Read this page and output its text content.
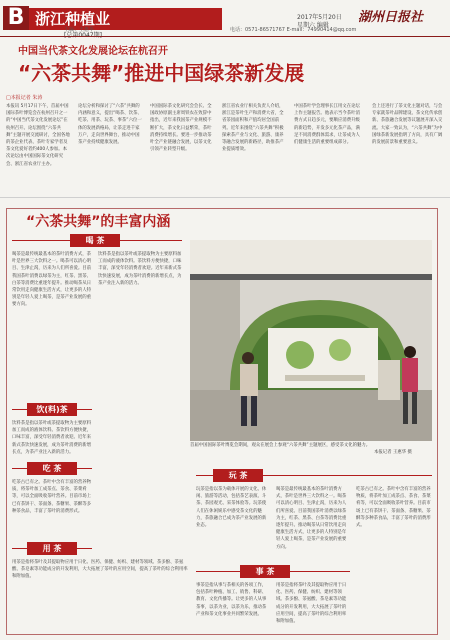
B 浙江种植业	2017年5月20日
星期六 编辑
湖州日报社
主编：王惠华	电话：0571-86571767 E-mail：74990414@qq.com
中国当代茶文化发展论坛在杭召开
“六茶共舞”推进中国绿茶新发展
□本报记者 朱涛
本报讯 5月17日下午，首届中国国际茶叶博览会在杭州召开之一的“中国当代茶文化发展论坛”在杭州召开。论坛围绕“六茶共舞”主题开展交流研讨，全国各地的茶企业代表、茶叶专家学者及茶文化爱好者约400人参加。本次论坛由中国国际茶文化研究会、浙江省农业厅主办。
论坛分析和探讨了“六茶”共舞的内涵和意义，提出“喝茶、饮茶、吃茶、用茶、玩茶、事茶”六位一体的发展新格局，让茶走进千家万户，走向世界舞台，推动中国茶产业持续健康发展。
中国国际茶文化研究会会长、全国政协原副主席周铁农在致辞中指出，近年来我国茶产业规模不断扩大，茶文化日益繁荣，茶叶消费持续增长。要进一步推动茶叶全产业链融合发展，以茶文化引领产业转型升级。
浙江省农业厅相关负责人介绍，浙江是茶叶生产和消费大省，全省茶园面积和产值均居全国前列。近年来围绕“六茶共舞”积极探索茶产业与文化、旅游、康养等融合发展的新路径，助推茶产业提质增效。
中国茶叶学会理事长江用文在论坛上作主题报告。他表示当今茶叶消费方式日趋多元，要顺应消费升级的新趋势，开发多元化茶产品，满足不同消费群体需求，让茶成为人们健康生活的重要组成部分。
会上还进行了茶文化主题对话，与会专家就茶叶品牌建设、茶文化传承创新、茶旅融合发展等议题展开深入交流。大家一致认为，“六茶共舞”为中国绿茶新发展指明了方向，具有广阔的发展前景和重要意义。
“六茶共舞”的丰富内涵
喝 茶
喝茶是最传统最基本的茶叶消费方式，茶叶是世界三大饮料之一。喝茶可以清心明目、生津止渴，历来为人们所喜爱。目前我国茶叶消费以绿茶为主，红茶、黑茶、白茶等消费比重逐年提升。推动喝茶从日常饮用走向健康生活方式，让更多的人特别是年轻人爱上喝茶，是茶产业发展的重要方向。
饮(料)茶
饮料茶是指以茶叶或茶提取物为主要原料加工而成的液体饮料。茶饮料方便快捷，口味丰富，深受年轻消费者欢迎。近年来新式茶饮快速发展，成为茶叶消费的新增长点，为茶产业注入新的活力。
吃 茶
吃茶古已有之。茶叶中含有丰富的营养物质，将茶叶加工成茶点、茶食、茶菜肴等，可以全面吸收茶叶营养。目前市场上已有茶饼干、茶面条、茶糖果、茶酥等多种茶食品，丰富了茶叶的消费形式。
用 茶
用茶是指将茶叶及其提取物应用于日化、医药、保健、纺织、建材等领域。茶多酚、茶氨酸、茶皂素等功能成分的开发利用，大大拓展了茶叶的应用空间，提高了茶叶的综合利用率和附加值。
饮料茶是指以茶叶或茶提取物为主要原料加工而成的液体饮料。茶饮料方便快捷，口味丰富，深受年轻消费者欢迎。近年来新式茶饮快速发展，成为茶叶消费的新增长点，为茶产业注入新的活力。
首届中国国际茶叶博览会期间，观众在展会上参观“六茶共舞”主题展区，感受茶文化的魅力。
本报记者 王惠华 摄
玩 茶
玩茶是指以茶为载体开展的文化、休闲、旅游等活动，包括茶艺表演、斗茶、茶园观光、采茶体验等。玩茶使人们在休闲娱乐中感受茶文化的魅力，茶旅融合已成为茶产业发展的新业态。
喝茶是最传统最基本的茶叶消费方式，茶叶是世界三大饮料之一。喝茶可以清心明目、生津止渴，历来为人们所喜爱。目前我国茶叶消费以绿茶为主，红茶、黑茶、白茶等消费比重逐年提升。推动喝茶从日常饮用走向健康生活方式，让更多的人特别是年轻人爱上喝茶，是茶产业发展的重要方向。
吃茶古已有之。茶叶中含有丰富的营养物质，将茶叶加工成茶点、茶食、茶菜肴等，可以全面吸收茶叶营养。目前市场上已有茶饼干、茶面条、茶糖果、茶酥等多种茶食品，丰富了茶叶的消费形式。
事 茶
事茶是指从事与茶相关的各项工作，包括茶叶种植、加工、销售、科研、教育、文化传播等。让更多的人从事茶事，以茶为业，以茶为乐，推动茶产业和茶文化事业共同繁荣发展。
用茶是指将茶叶及其提取物应用于日化、医药、保健、纺织、建材等领域。茶多酚、茶氨酸、茶皂素等功能成分的开发利用，大大拓展了茶叶的应用空间，提高了茶叶的综合利用率和附加值。
